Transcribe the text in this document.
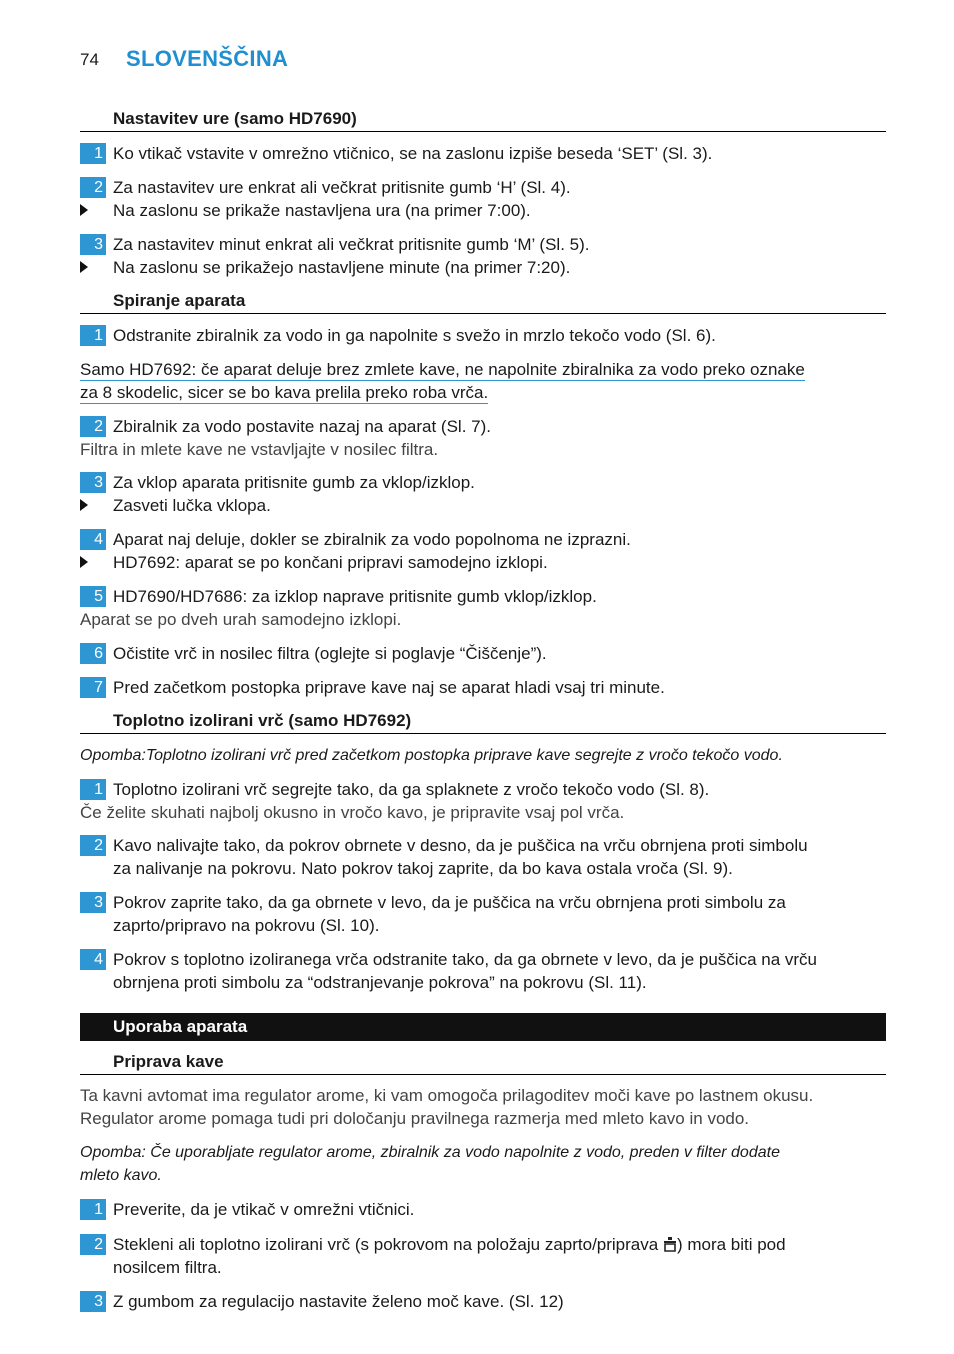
74 SLOVENŠČINA
Nastavitev ure (samo HD7690)
1 Ko vtikač vstavite v omrežno vtičnico, se na zaslonu izpiše beseda ‘SET’ (Sl. 3).
2 Za nastavitev ure enkrat ali večkrat pritisnite gumb ‘H’ (Sl. 4).
Na zaslonu se prikaže nastavljena ura (na primer 7:00).
3 Za nastavitev minut enkrat ali večkrat pritisnite gumb ‘M’ (Sl. 5).
Na zaslonu se prikažejo nastavljene minute (na primer 7:20).
Spiranje aparata
1 Odstranite zbiralnik za vodo in ga napolnite s svežo in mrzlo tekočo vodo (Sl. 6).
Samo HD7692: če aparat deluje brez zmlete kave, ne napolnite zbiralnika za vodo preko oznake
za 8 skodelic, sicer se bo kava prelila preko roba vrča.
2 Zbiralnik za vodo postavite nazaj na aparat (Sl. 7).
Filtra in mlete kave ne vstavljajte v nosilec filtra.
3 Za vklop aparata pritisnite gumb za vklop/izklop.
Zasveti lučka vklopa.
4 Aparat naj deluje, dokler se zbiralnik za vodo popolnoma ne izprazni.
HD7692: aparat se po končani pripravi samodejno izklopi.
5 HD7690/HD7686: za izklop naprave pritisnite gumb vklop/izklop.
Aparat se po dveh urah samodejno izklopi.
6 Očistite vrč in nosilec filtra (oglejte si poglavje “Čiščenje”).
7 Pred začetkom postopka priprave kave naj se aparat hladi vsaj tri minute.
Toplotno izolirani vrč (samo HD7692)
Opomba:Toplotno izolirani vrč pred začetkom postopka priprave kave segrejte z vročo tekočo vodo.
1 Toplotno izolirani vrč segrejte tako, da ga splaknete z vročo tekočo vodo (Sl. 8).
Če želite skuhati najbolj okusno in vročo kavo, je pripravite vsaj pol vrča.
2 Kavo nalivajte tako, da pokrov obrnete v desno, da je puščica na vrču obrnjena proti simbolu
za nalivanje na pokrovu. Nato pokrov takoj zaprite, da bo kava ostala vroča (Sl. 9).
3 Pokrov zaprite tako, da ga obrnete v levo, da je puščica na vrču obrnjena proti simbolu za
zaprto/pripravo na pokrovu (Sl. 10).
4 Pokrov s toplotno izoliranega vrča odstranite tako, da ga obrnete v levo, da je puščica na vrču
obrnjena proti simbolu za “odstranjevanje pokrova” na pokrovu (Sl. 11).
Uporaba aparata
Priprava kave
Ta kavni avtomat ima regulator arome, ki vam omogoča prilagoditev moči kave po lastnem okusu.
Regulator arome pomaga tudi pri določanju pravilnega razmerja med mleto kavo in vodo.
Opomba: Če uporabljate regulator arome, zbiralnik za vodo napolnite z vodo, preden v filter dodate
mleto kavo.
1 Preverite, da je vtikač v omrežni vtičnici.
2 Stekleni ali toplotno izolirani vrč (s pokrovom na položaju zaprto/priprava ) mora biti pod
nosilcem filtra.
3 Z gumbom za regulacijo nastavite želeno moč kave. (Sl. 12)
